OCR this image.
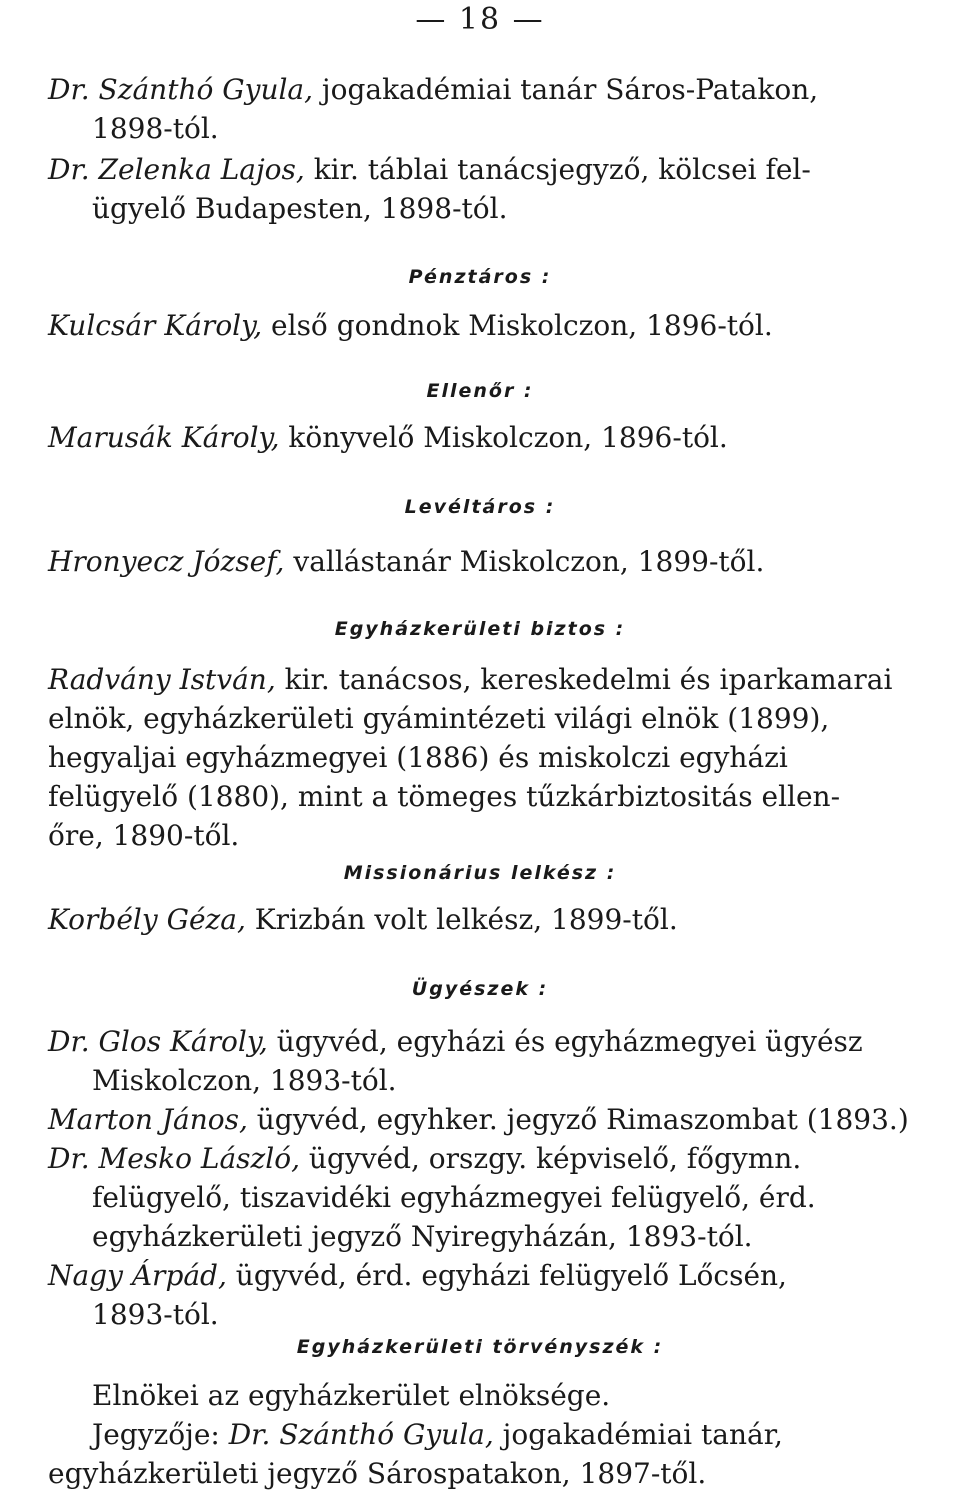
— 18 —
Dr. Szánthó Gyula, jogakadémiai tanár Sáros-Patakon,
1898-tól.
Dr. Zelenka Lajos, kir. táblai tanácsjegyző, kölcsei fel-
ügyelő Budapesten, 1898-tól.
Pénztáros :
Kulcsár Károly, első gondnok Miskolczon, 1896-tól.
Ellenőr :
Marusák Károly, könyvelő Miskolczon, 1896-tól.
Levéltáros :
Hronyecz József, vallástanár Miskolczon, 1899-től.
Egyházkerületi biztos :
Radvány István, kir. tanácsos, kereskedelmi és iparkamarai
elnök, egyházkerületi gyámintézeti világi elnök (1899),
hegyaljai egyházmegyei (1886) és miskolczi egyházi
felügyelő (1880), mint a tömeges tűzkárbiztositás ellen-
őre, 1890-től.
Missionárius lelkész :
Korbély Géza, Krizbán volt lelkész, 1899-től.
Ügyészek :
Dr. Glos Károly, ügyvéd, egyházi és egyházmegyei ügyész
Miskolczon, 1893-tól.
Marton János, ügyvéd, egyhker. jegyző Rimaszombat (1893.)
Dr. Mesko László, ügyvéd, orszgy. képviselő, főgymn.
felügyelő, tiszavidéki egyházmegyei felügyelő, érd.
egyházkerületi jegyző Nyiregyházán, 1893-tól.
Nagy Árpád, ügyvéd, érd. egyházi felügyelő Lőcsén,
1893-tól.
Egyházkerületi törvényszék :
Elnökei az egyházkerület elnöksége.
Jegyzője: Dr. Szánthó Gyula, jogakadémiai tanár,
egyházkerületi jegyző Sárospatakon, 1897-től.
